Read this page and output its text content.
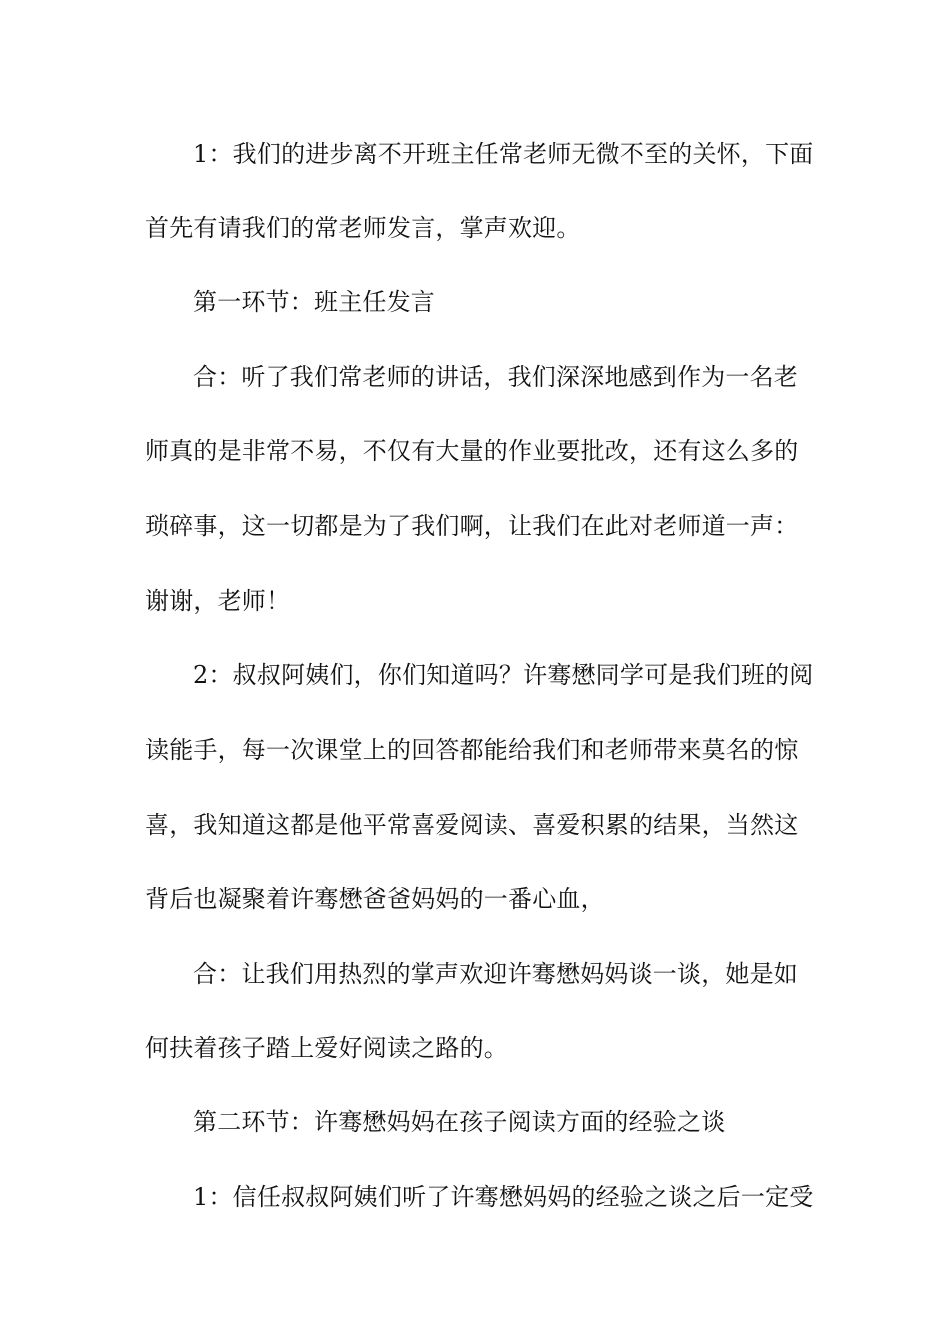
1：我们的进步离不开班主任常老师无微不至的关怀，下面
首先有请我们的常老师发言，掌声欢迎。
第一环节：班主任发言
合：听了我们常老师的讲话，我们深深地感到作为一名老
师真的是非常不易，不仅有大量的作业要批改，还有这么多的
琐碎事，这一切都是为了我们啊，让我们在此对老师道一声：
谢谢，老师！
2：叔叔阿姨们，你们知道吗？许骞懋同学可是我们班的阅
读能手，每一次课堂上的回答都能给我们和老师带来莫名的惊
喜，我知道这都是他平常喜爱阅读、喜爱积累的结果，当然这
背后也凝聚着许骞懋爸爸妈妈的一番心血，
合：让我们用热烈的掌声欢迎许骞懋妈妈谈一谈，她是如
何扶着孩子踏上爱好阅读之路的。
第二环节：许骞懋妈妈在孩子阅读方面的经验之谈
1：信任叔叔阿姨们听了许骞懋妈妈的经验之谈之后一定受
